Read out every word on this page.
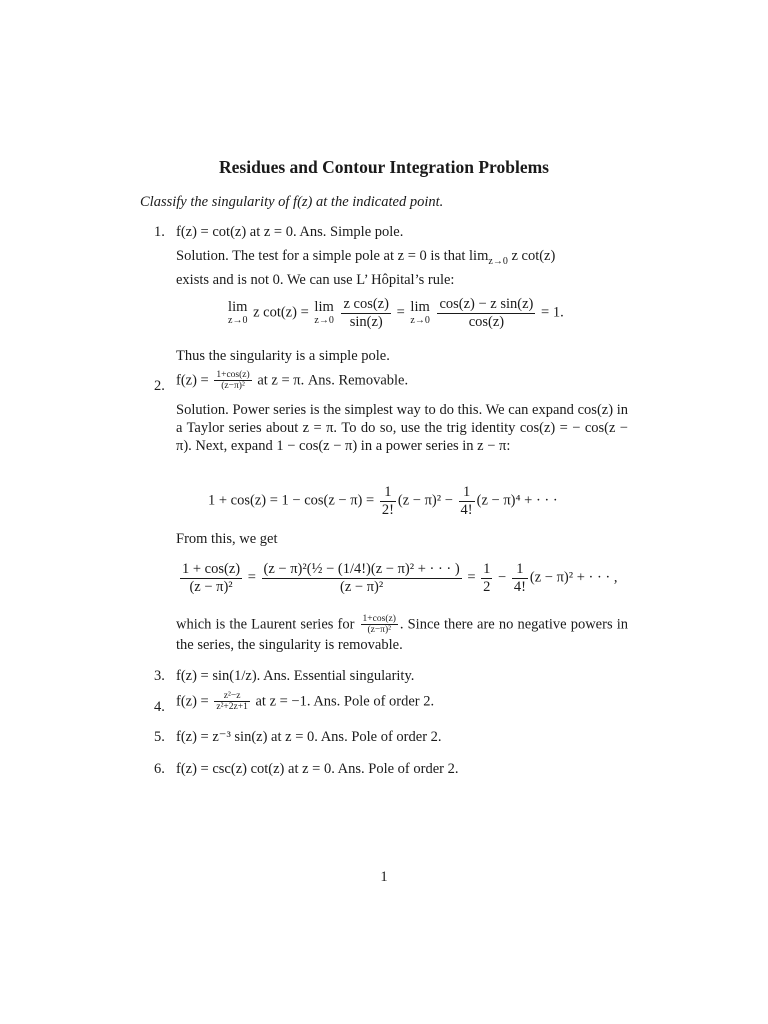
Residues and Contour Integration Problems
Classify the singularity of f(z) at the indicated point.
1. f(z) = cot(z) at z = 0. Ans. Simple pole.

Solution. The test for a simple pole at z = 0 is that $\lim_{z\to 0} z$ cot(z)

exists and is not 0. We can use L’ Hôpital’s rule:

lim
z→0 z cot(z) = lim
z→0
$\frac{\text{z cos(z)}}{\sin(z)} = \lim$
z→0
$\frac{\text{cos(z) − z sin(z)}}{\cos(z)} = 1$.
Thus the singularity is a simple pole.
2. $f(z) = \frac{1+\cos(z)}{\text{(z−π)²}}$ at z = π. Ans. Removable.
Solution. Power series is the simplest way to do this. We can expand cos(z) in a Taylor series about z = π. To do so, use the trig identity cos(z) = − cos(z − π). Next, expand 1 − cos(z − π) in a power series in z − π:
$1 + \cos(z) = 1 - \cos(z - \pi) = \frac{1}{2!} (z - \pi)^2 - \frac{1}{4!} (z - \pi)^4$ + · · ·
From this, we get
$\frac{1 + \cos(z)}{\text{(z − π)²}} = \frac{\text{(z − π)²(½ − (1/4!)(z − π)² + · · · )}}{\text{(z − π)²}} = \frac{1}{2} - \frac{1}{4!} (z - \pi)^2$ + · · · ,
which is the Laurent series for $\frac{1+\cos(z)}{\text{(z−π)²}}$ . Since there are no negative powers in the series, the singularity is removable.
3. f(z) = sin(1/z). Ans. Essential singularity.
4. $f(z) = \frac{\text{z²−z}}{\text{z²+2z+1}}$ at z = −1. Ans. Pole of order 2.
5. f(z) = z⁻³ sin(z) at z = 0. Ans. Pole of order 2.
6. f(z) = csc(z) cot(z) at z = 0. Ans. Pole of order 2.
1
